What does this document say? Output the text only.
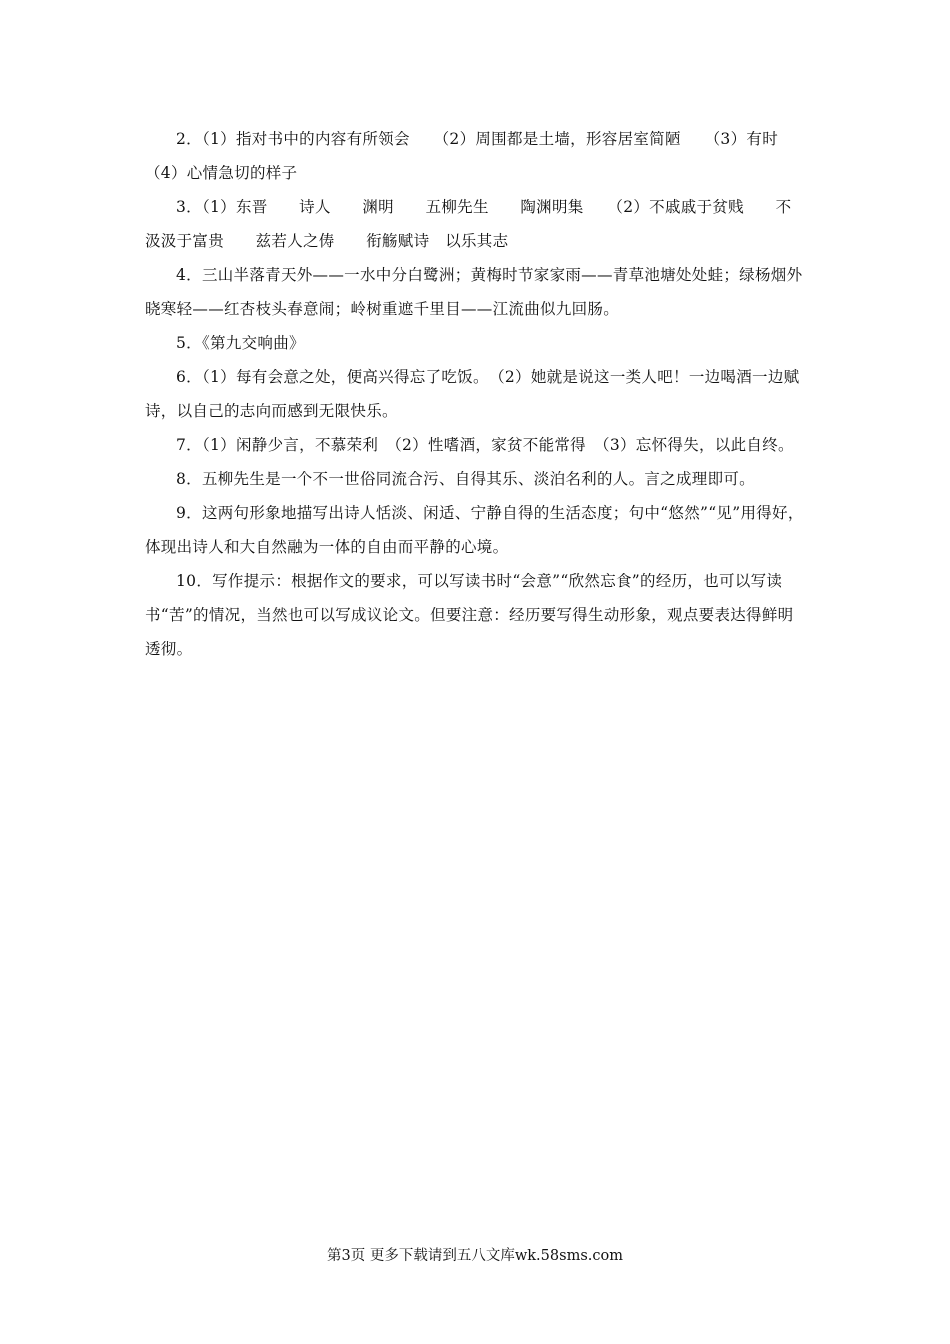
2．（1）指对书中的内容有所领会　　（2）周围都是土墙，形容居室简陋　　（3）有时　　（4）心情急切的样子

3．（1）东晋　　诗人　　渊明　　五柳先生　　陶渊明集　　（2）不戚戚于贫贱　　不汲汲于富贵　　兹若人之俦　　衔觞赋诗　以乐其志

4．三山半落青天外——一水中分白鹭洲；黄梅时节家家雨——青草池塘处处蛙；绿杨烟外晓寒轻——红杏枝头春意闹；岭树重遮千里目——江流曲似九回肠。

5．《第九交响曲》

6．（1）每有会意之处，便高兴得忘了吃饭。　（2）她就是说这一类人吧！一边喝酒一边赋诗，以自己的志向而感到无限快乐。

7．（1）闲静少言，不慕荣利　（2）性嗜酒，家贫不能常得　（3）忘怀得失，以此自终。

8．五柳先生是一个不一世俗同流合污、自得其乐、淡泊名利的人。言之成理即可。

9．这两句形象地描写出诗人恬淡、闲适、宁静自得的生活态度；句中“悠然”“见”用得好，体现出诗人和大自然融为一体的自由而平静的心境。

10．写作提示：根据作文的要求，可以写读书时“会意”“欣然忘食”的经历，也可以写读书“苦”的情况，当然也可以写成议论文。但要注意：经历要写得生动形象，观点要表达得鲜明透彻。

第3页 更多下载请到五八文库wk.58sms.com
